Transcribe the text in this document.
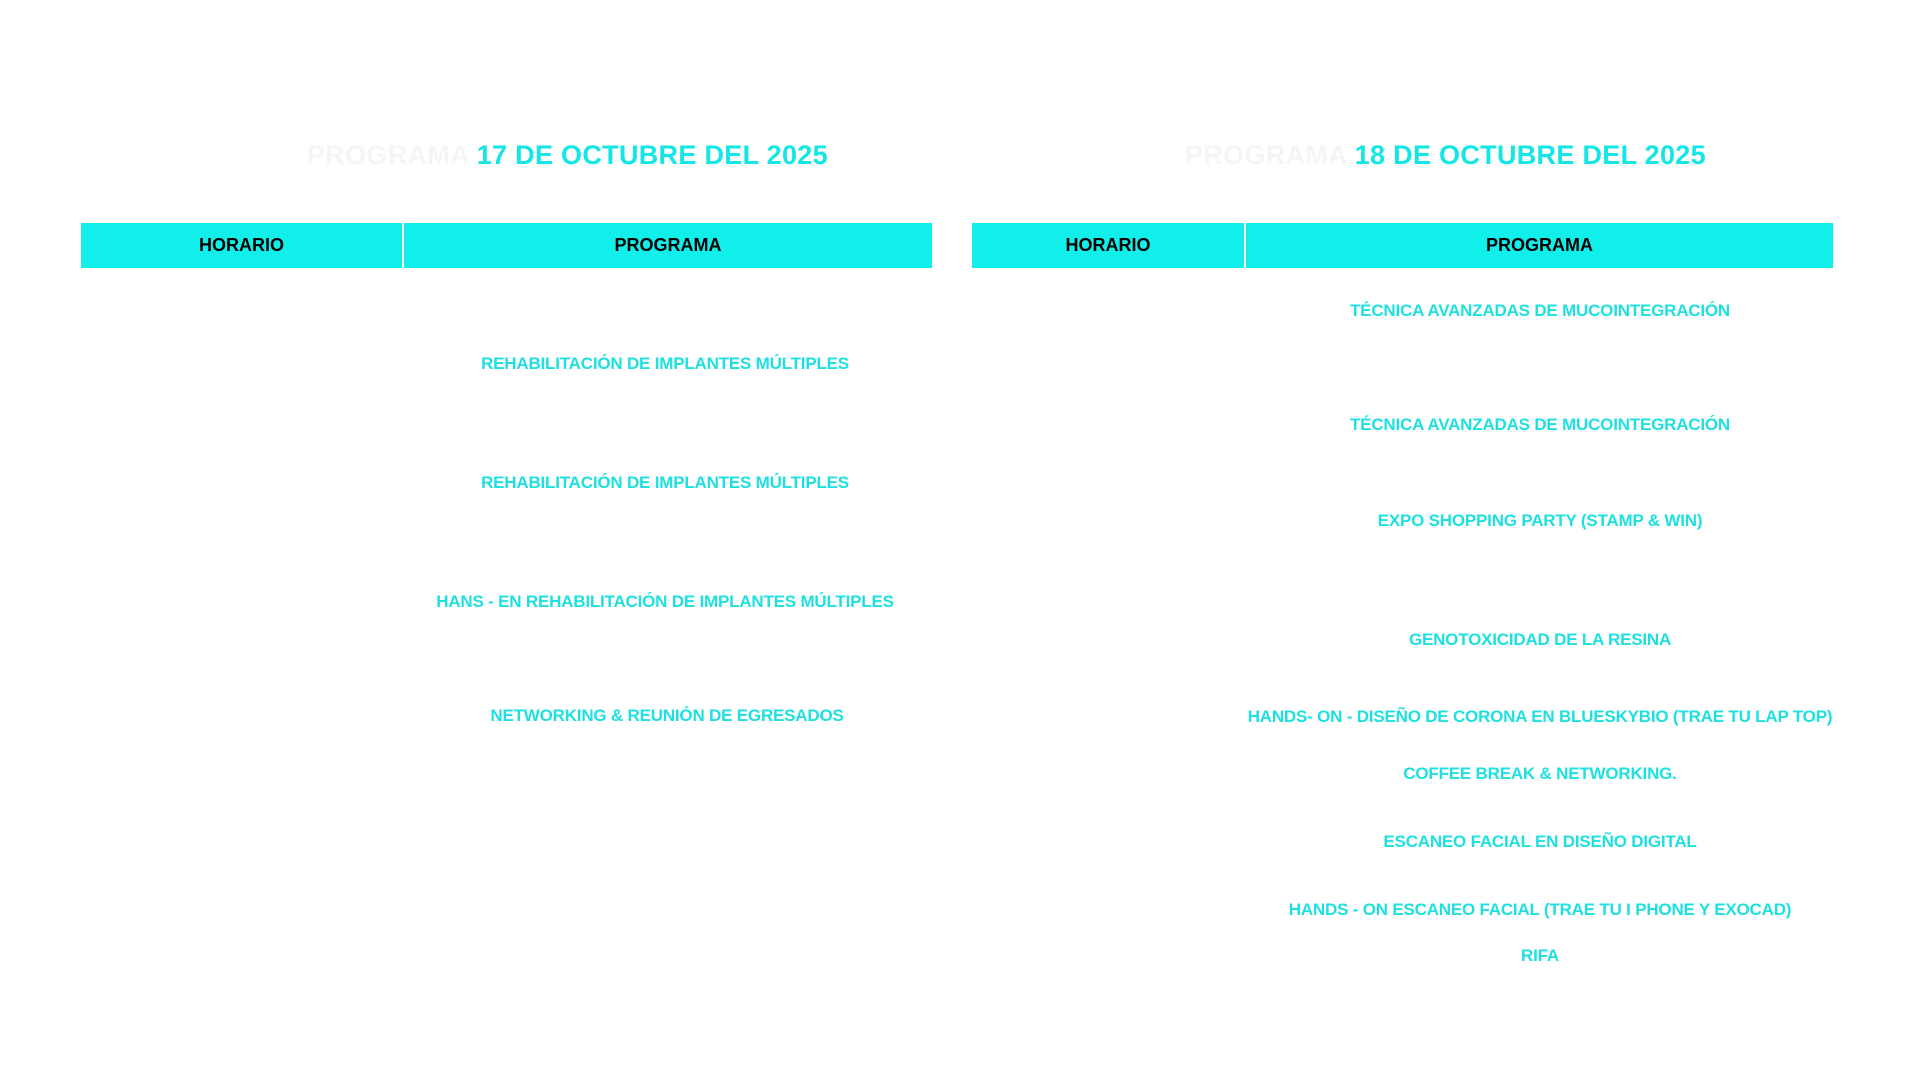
PROGRAMA 17 DE OCTUBRE DEL 2025
HORARIO	PROGRAMA
REHABILITACIÓN DE IMPLANTES MÚLTIPLES
REHABILITACIÓN DE IMPLANTES MÚLTIPLES
HANS - EN REHABILITACIÓN DE IMPLANTES MÚLTIPLES
NETWORKING & REUNIÓN DE EGRESADOS
PROGRAMA 18 DE OCTUBRE DEL 2025
HORARIO	PROGRAMA
TÉCNICA AVANZADAS DE MUCOINTEGRACIÓN
TÉCNICA AVANZADAS DE MUCOINTEGRACIÓN
EXPO SHOPPING PARTY (STAMP & WIN)
GENOTOXICIDAD DE LA RESINA
HANDS- ON - DISEÑO DE CORONA EN BLUESKYBIO (TRAE TU LAP TOP)
COFFEE BREAK & NETWORKING.
ESCANEO FACIAL EN DISEÑO DIGITAL
HANDS - ON ESCANEO FACIAL (TRAE TU I PHONE Y EXOCAD)
RIFA
